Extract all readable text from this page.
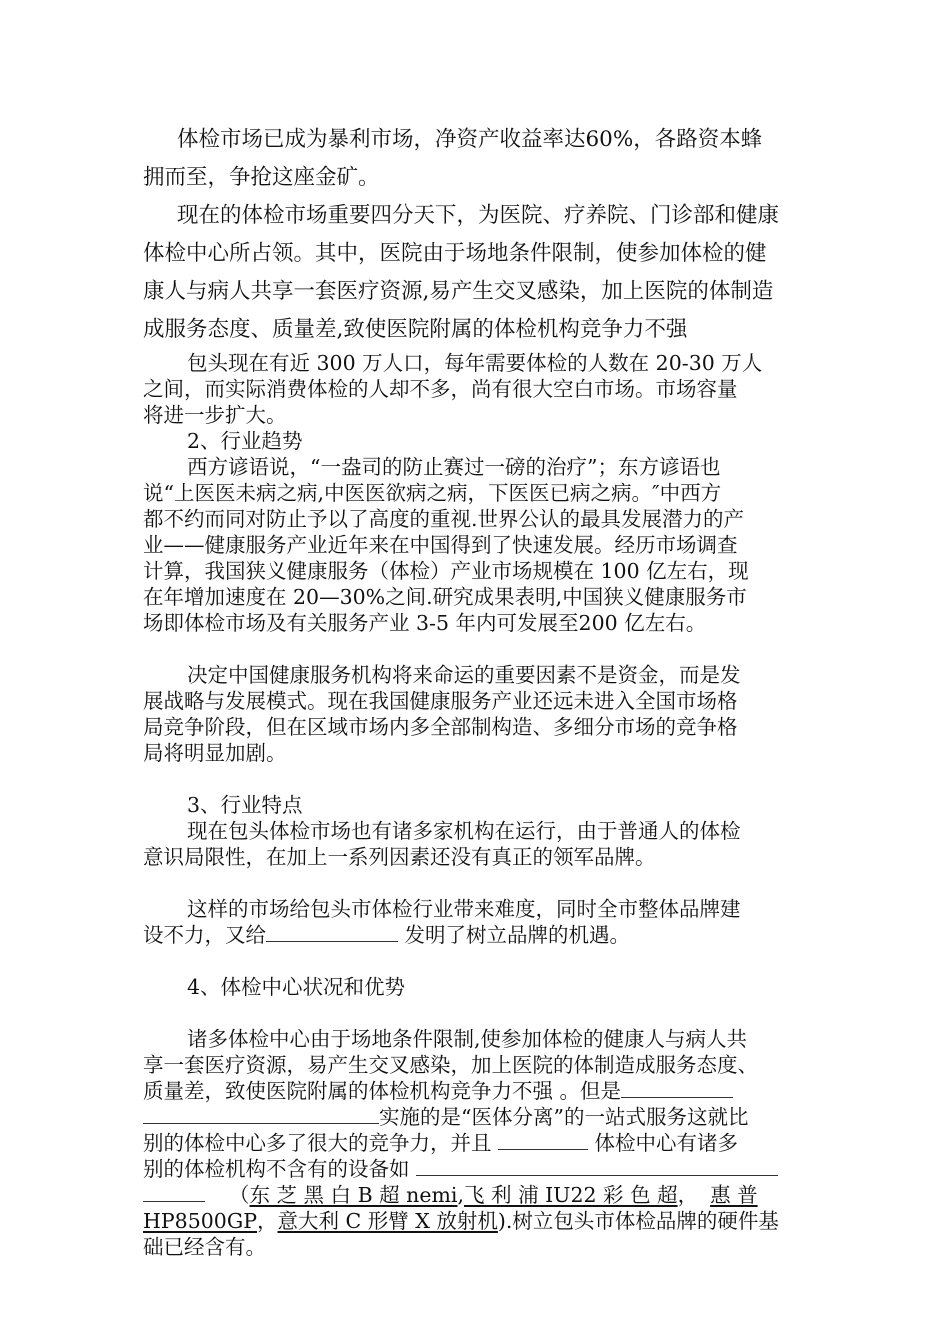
体检市场已成为暴利市场，净资产收益率达60%，各路资本蜂

拥而至，争抢这座金矿。

现在的体检市场重要四分天下，为医院、疗养院、门诊部和健康

体检中心所占领。其中，医院由于场地条件限制，使参加体检的健

康人与病人共享一套医疗资源,易产生交叉感染，加上医院的体制造

成服务态度、质量差,致使医院附属的体检机构竞争力不强

包头现在有近 300 万人口，每年需要体检的人数在 20-30 万人

之间，而实际消费体检的人却不多，尚有很大空白市场。市场容量

将进一步扩大。

2、行业趋势

西方谚语说，“一盎司的防止赛过一磅的治疗”；东方谚语也

说“上医医未病之病,中医医欲病之病，下医医已病之病。″中西方

都不约而同对防止予以了高度的重视.世界公认的最具发展潜力的产

业——健康服务产业近年来在中国得到了快速发展。经历市场调查

计算，我国狭义健康服务（体检）产业市场规模在 100 亿左右，现

在年增加速度在 20—30%之间.研究成果表明,中国狭义健康服务市

场即体检市场及有关服务产业 3-5 年内可发展至200 亿左右。

决定中国健康服务机构将来命运的重要因素不是资金，而是发

展战略与发展模式。现在我国健康服务产业还远未进入全国市场格

局竞争阶段，但在区域市场内多全部制构造、多细分市场的竞争格

局将明显加剧。

3、行业特点

现在包头体检市场也有诸多家机构在运行，由于普通人的体检

意识局限性，在加上一系列因素还没有真正的领军品牌。

这样的市场给包头市体检行业带来难度，同时全市整体品牌建

设不力，又给	发明了树立品牌的机遇。

4、体检中心状况和优势

诸多体检中心由于场地条件限制,使参加体检的健康人与病人共

享一套医疗资源，易产生交叉感染，加上医院的体制造成服务态度、

质量差，致使医院附属的体检机构竞争力不强 。但是

实施的是“医体分离”的一站式服务这就比

别的体检中心多了很大的竞争力，并且	体检中心有诸多

别的体检机构不含有的设备如

（东 芝 黑 白 B 超 nemi,飞 利 浦 IU22 彩 色 超， 惠 普

HP8500GP，意大利 C 形臂 X 放射机).树立包头市体检品牌的硬件基

础已经含有。
